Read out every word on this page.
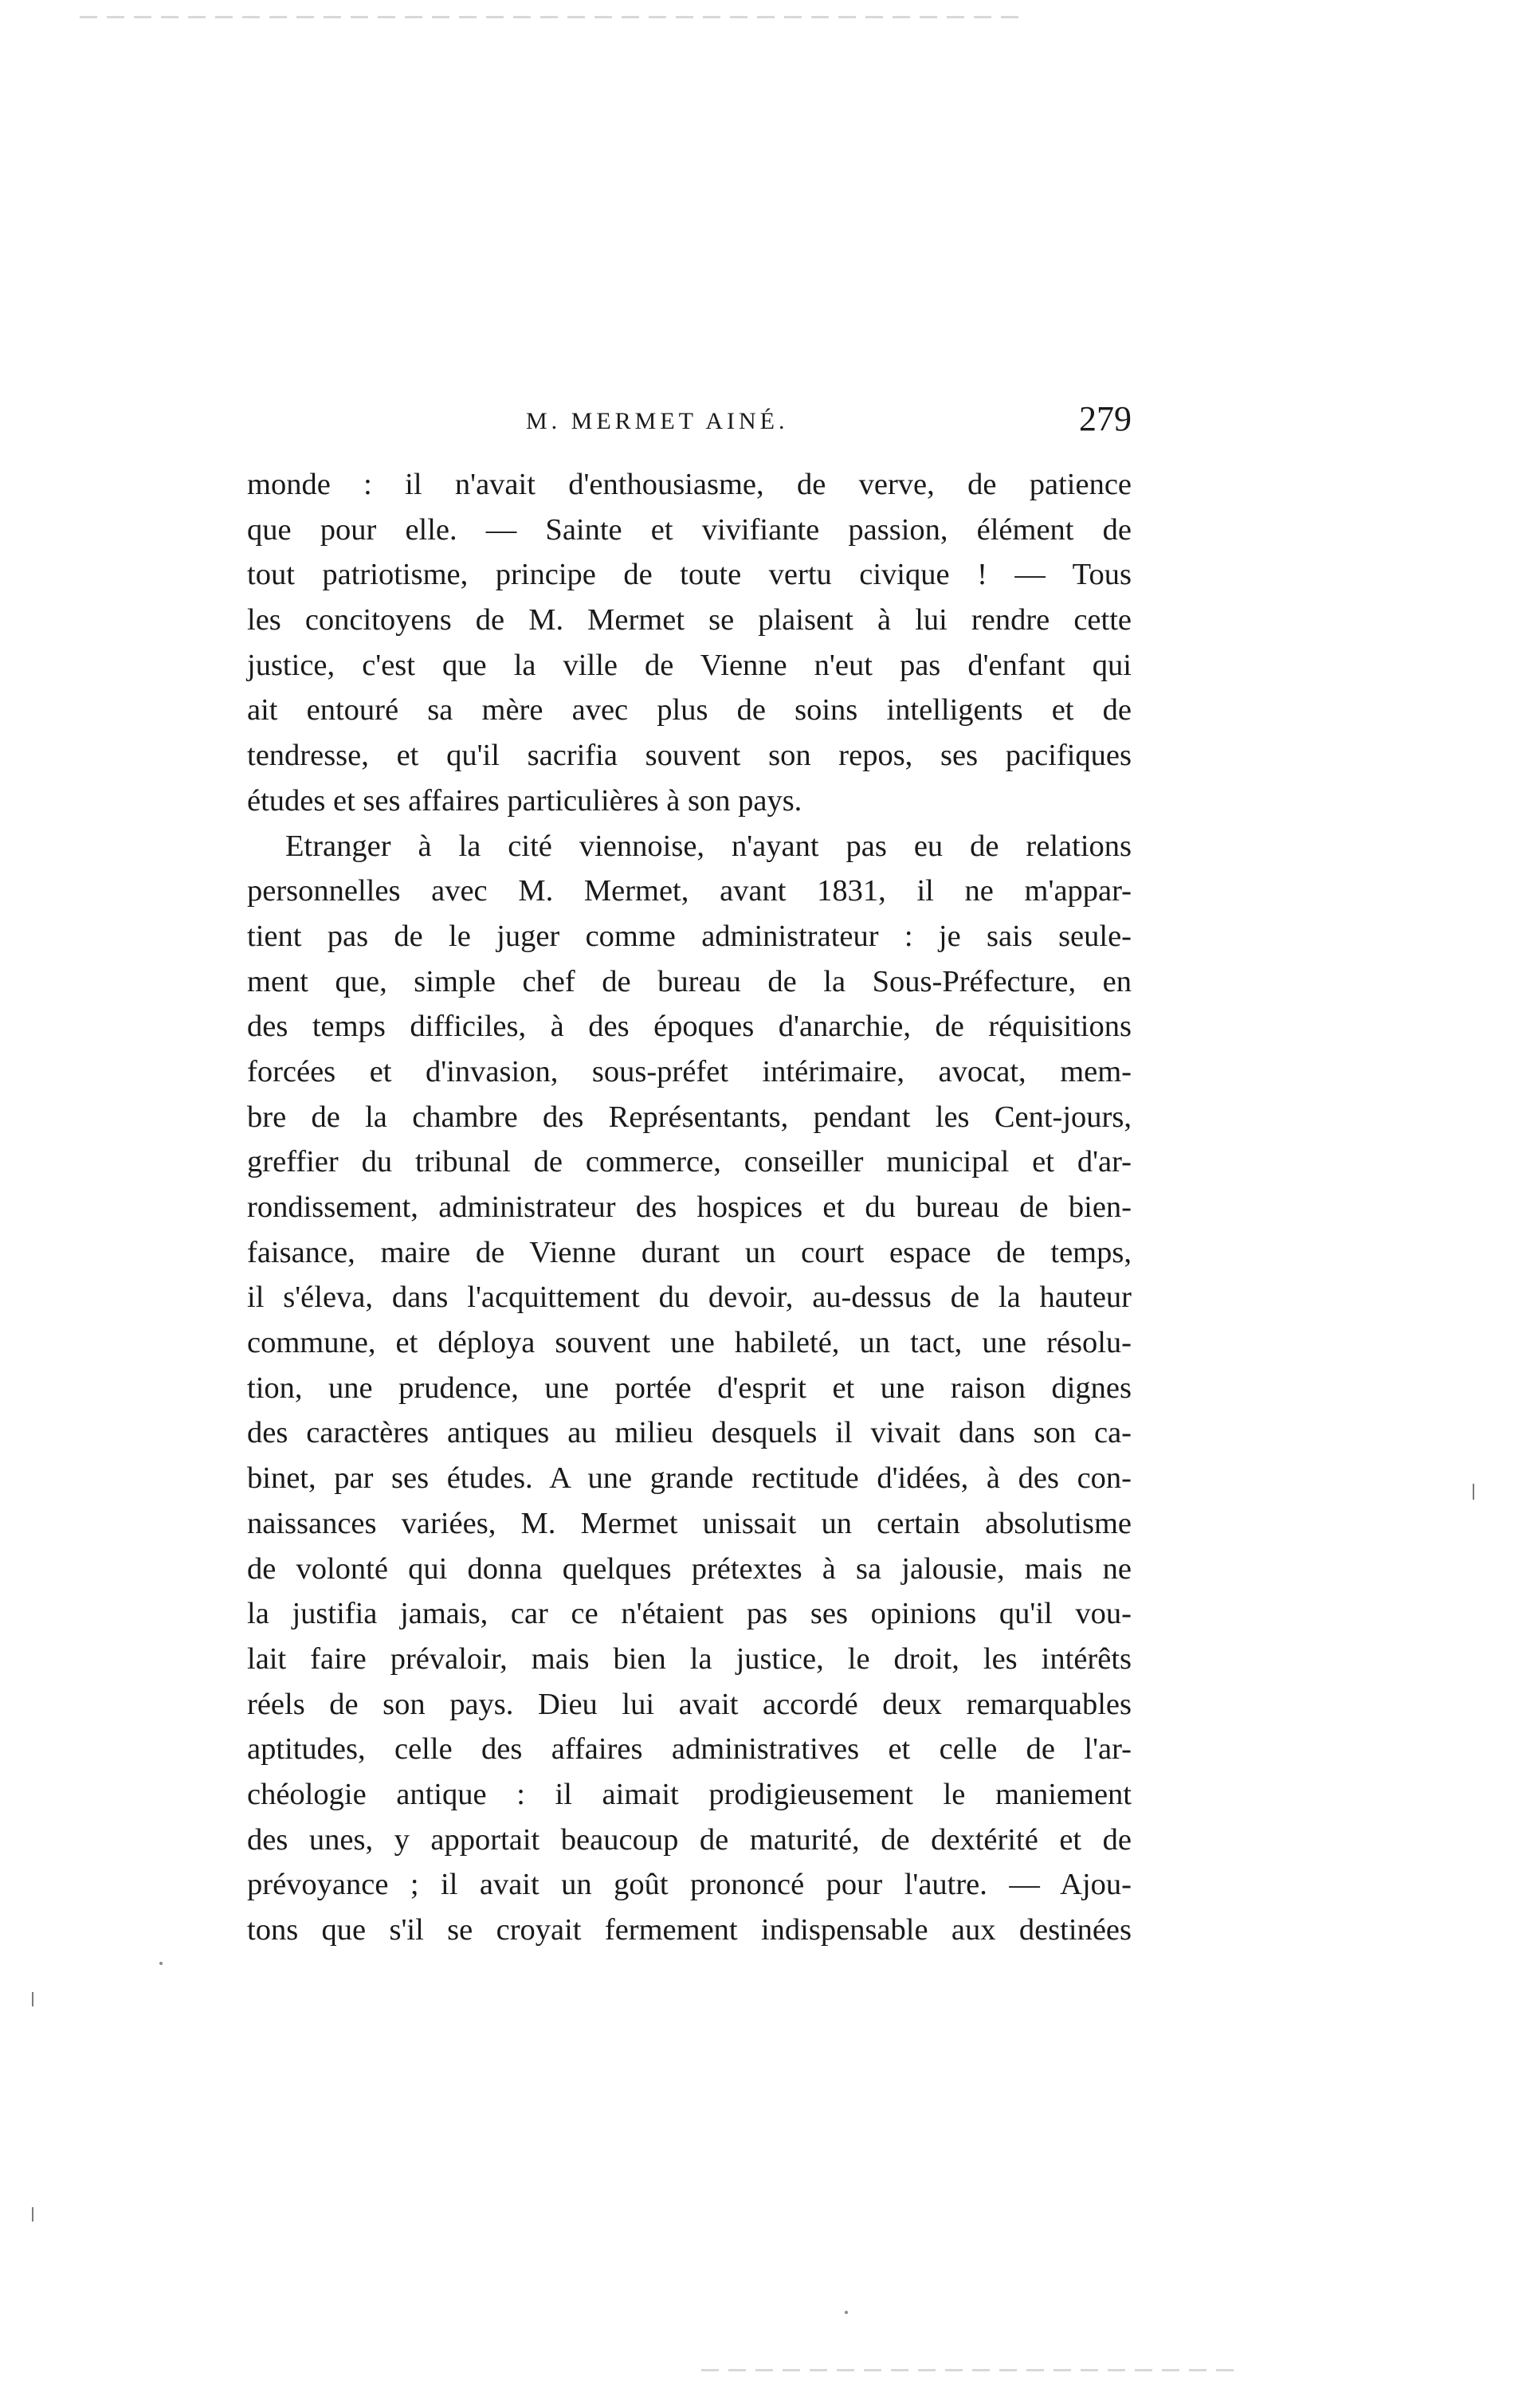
M. MERMET AINÉ.	279
monde : il n'avait d'enthousiasme, de verve, de patience
que pour elle. — Sainte et vivifiante passion, élément de
tout patriotisme, principe de toute vertu civique ! — Tous
les concitoyens de M. Mermet se plaisent à lui rendre cette
justice, c'est que la ville de Vienne n'eut pas d'enfant qui
ait entouré sa mère avec plus de soins intelligents et de
tendresse, et qu'il sacrifia souvent son repos, ses pacifiques
études et ses affaires particulières à son pays.
Etranger à la cité viennoise, n'ayant pas eu de relations
personnelles avec M. Mermet, avant 1831, il ne m'appar-
tient pas de le juger comme administrateur : je sais seule-
ment que, simple chef de bureau de la Sous-Préfecture, en
des temps difficiles, à des époques d'anarchie, de réquisitions
forcées et d'invasion, sous-préfet intérimaire, avocat, mem-
bre de la chambre des Représentants, pendant les Cent-jours,
greffier du tribunal de commerce, conseiller municipal et d'ar-
rondissement, administrateur des hospices et du bureau de bien-
faisance, maire de Vienne durant un court espace de temps,
il s'éleva, dans l'acquittement du devoir, au-dessus de la hauteur
commune, et déploya souvent une habileté, un tact, une résolu-
tion, une prudence, une portée d'esprit et une raison dignes
des caractères antiques au milieu desquels il vivait dans son ca-
binet, par ses études. A une grande rectitude d'idées, à des con-
naissances variées, M. Mermet unissait un certain absolutisme
de volonté qui donna quelques prétextes à sa jalousie, mais ne
la justifia jamais, car ce n'étaient pas ses opinions qu'il vou-
lait faire prévaloir, mais bien la justice, le droit, les intérêts
réels de son pays. Dieu lui avait accordé deux remarquables
aptitudes, celle des affaires administratives et celle de l'ar-
chéologie antique : il aimait prodigieusement le maniement
des unes, y apportait beaucoup de maturité, de dextérité et de
prévoyance ; il avait un goût prononcé pour l'autre. — Ajou-
tons que s'il se croyait fermement indispensable aux destinées
